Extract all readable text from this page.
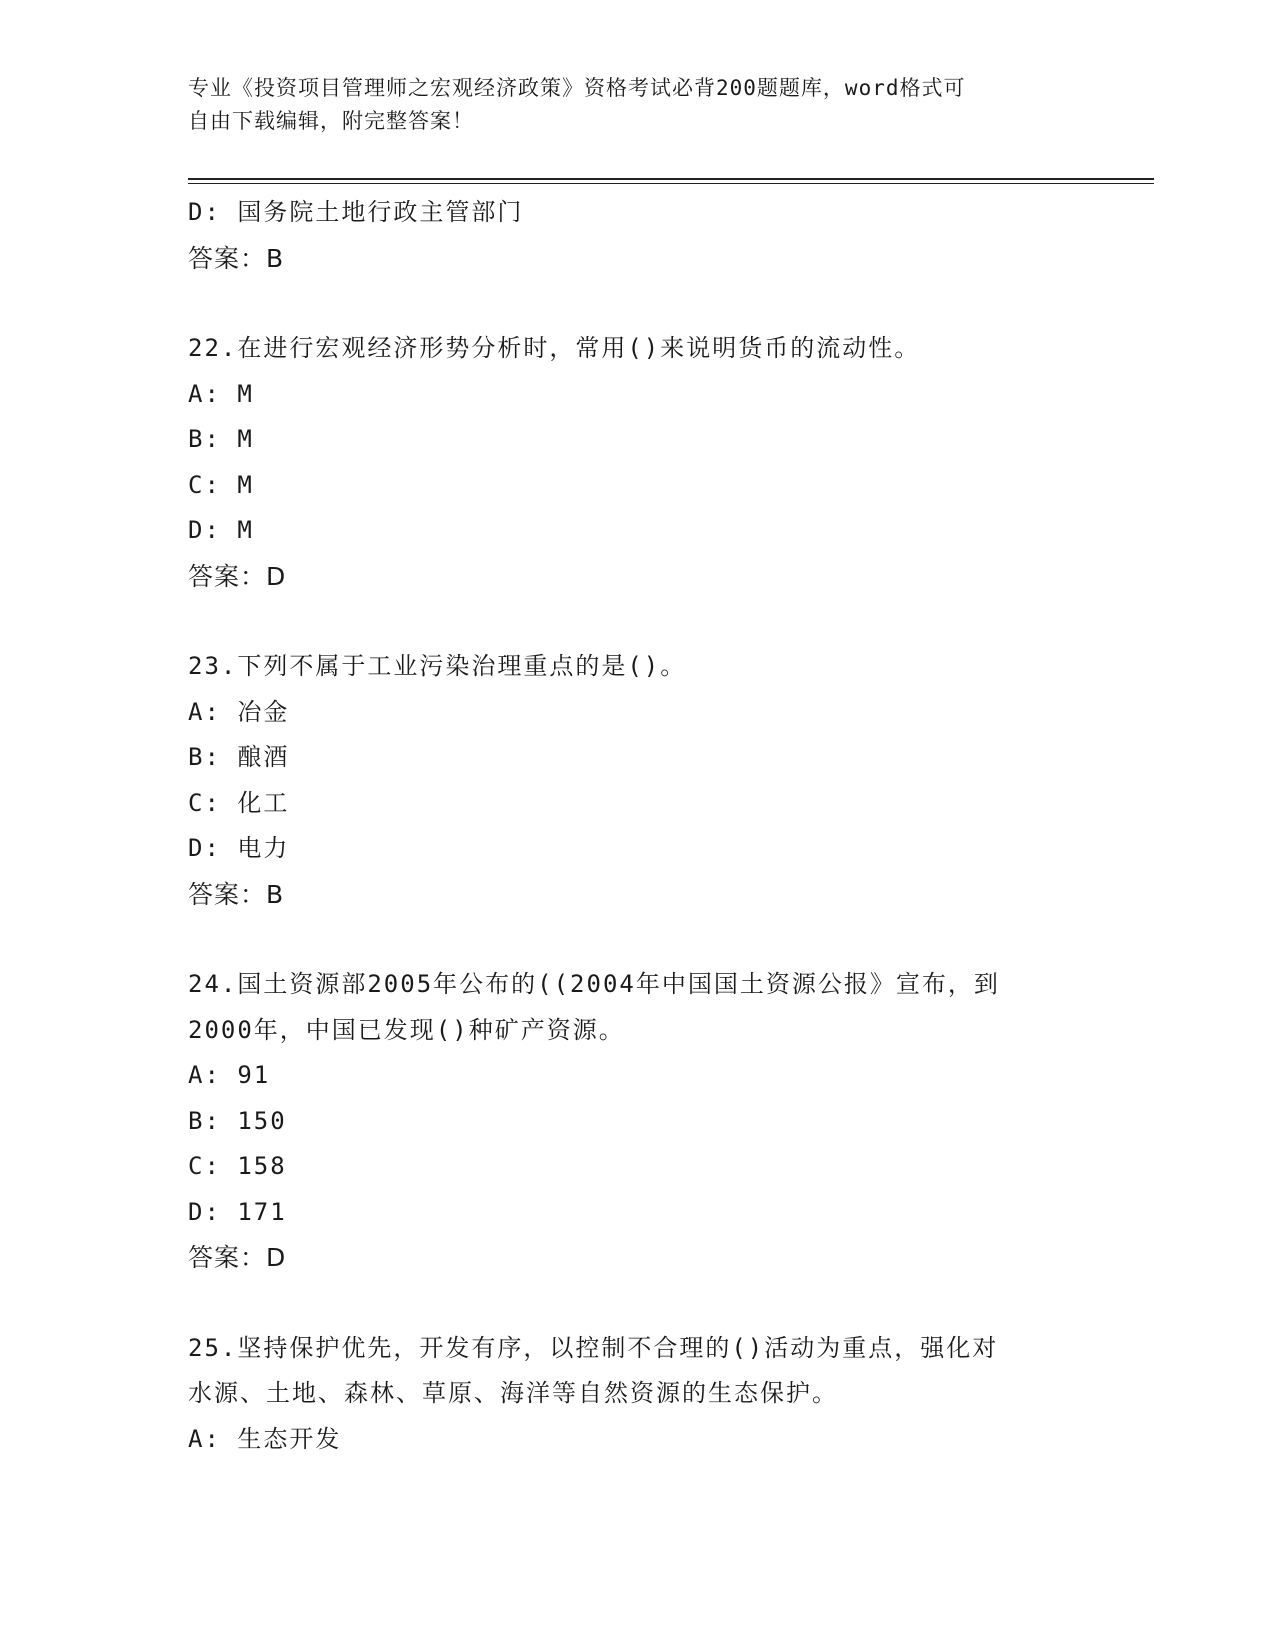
专业《投资项目管理师之宏观经济政策》资格考试必背200题题库，word格式可
自由下载编辑，附完整答案！
D: 国务院土地行政主管部门
答案：B
22.在进行宏观经济形势分析时，常用()来说明货币的流动性。
A: M
B: M
C: M
D: M
答案：D
23.下列不属于工业污染治理重点的是()。
A: 冶金
B: 酿酒
C: 化工
D: 电力
答案：B
24.国土资源部2005年公布的((2004年中国国土资源公报》宣布，到
2000年，中国已发现()种矿产资源。
A: 91
B: 150
C: 158
D: 171
答案：D
25.坚持保护优先，开发有序，以控制不合理的()活动为重点，强化对
水源、土地、森林、草原、海洋等自然资源的生态保护。
A: 生态开发
